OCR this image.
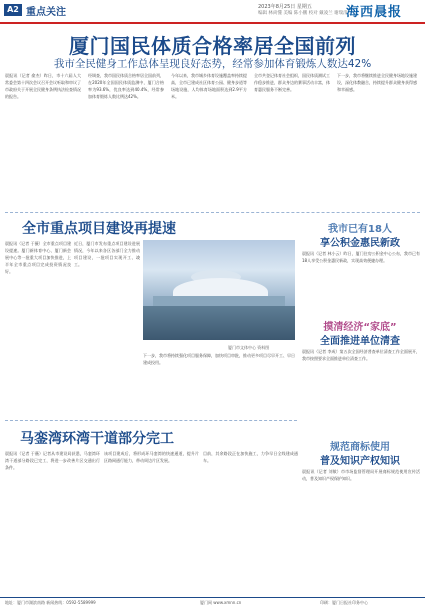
A2 重点关注	2023年8月25日 星期五
编辑 林尚懂 美编 陈小鹏 校对 戴凌兰 谢瑞清
海西晨报
厦门国民体质合格率居全国前列
我市全民健身工作总体呈现良好态势，经常参加体育锻炼人数达42%

晨报讯（记者 俞杰）昨日，市十六届人大常委会第十四次会议召开会议听取和审议了市政府关于开展全民健身条例执法检查情况的报告。

经调查，我市国民体质合格率居全国前列，在2020年全国国民体质监测中，厦门合格率为93.6%，优良率达到40.4%，经常参加体育锻炼人数比例达42%。

今年以来，我市城乡体育设施覆盖率持续提高，全市已建成社区体育公园、健身步道等场地设施，人均体育场地面积达到2.9平方米。

全市共登记体育社会组织，国民体质测试工作稳步推进，群众身边的赛事活动丰富，体育惠民服务不断完善。

下一步，我市将继续推进全民健身场地设施建设，深化体教融合，持续提升群众健身获得感和幸福感。

全市重点项目建设再提速

晨报讯（记者 于薇）全市重点项目建设提速。厦门新体育中心、厦门新会展中心等一批重大项目加快推进，上半年全市重点项目完成投资情况良好。

近日，厦门市发布重点项目建设进展情况，今年以来各区各部门全力推动项目建设，一批项目实现开工、竣工。

厦门市文体中心 资料图

下一步，我市将持续强化项目服务保障，加快项目审批，推动更多项目尽早开工、早日建成投用。

我市已有18人
享公积金惠民新政

晨报讯（记者 林小云）昨日，厦门住房公积金中心公布，我市已有18人享受公积金惠民新政，实现高效便捷办理。

摸清经济“家底”
全面推进单位清查

晨报讯（记者 李成）第五次全国经济普查单位清查工作全面展开，我市按照要求全面推进单位清查工作。

规范商标使用
普及知识产权知识

晨报讯（记者 刘敏）市市场监督管理局开展商标规范使用宣传活动，普及知识产权保护知识。

马銮湾环湾干道部分完工

晨报讯（记者 于薇）记者从市建设局获悉，马銮湾环湾干道部分路段已完工，将进一步改善片区交通出行条件。

该项目建成后，将形成环马銮湾的快速通道，提升片区路网通行能力，带动周边片区发展。

目前，其余路段正在加快施工，力争早日全线建成通车。

地址：厦门市湖滨南路 新闻热线：0592-5589999	厦门网 www.xmnn.cn	印刷：厦门日报社印务中心
